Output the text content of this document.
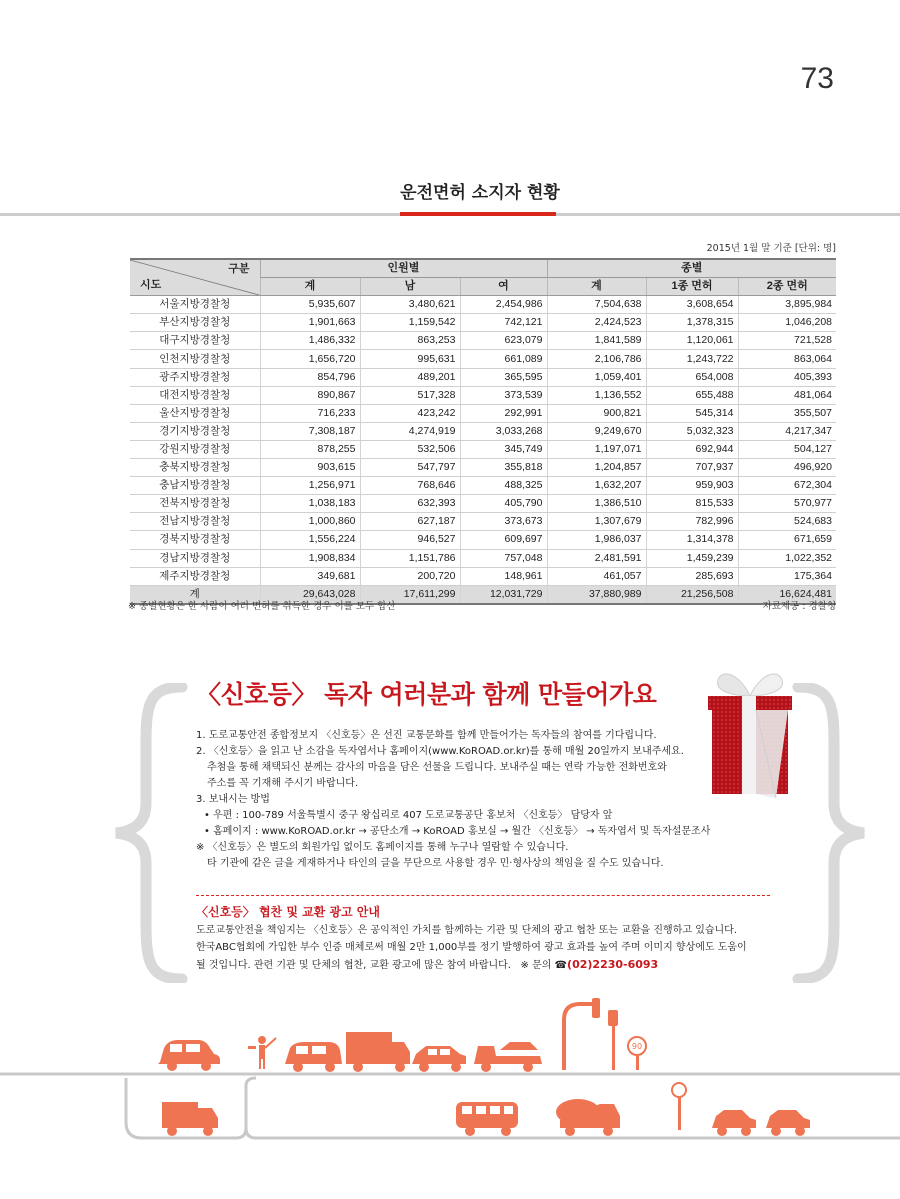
73
운전면허 소지자 현황
2015년 1월 말 기준 [단위: 명]
구분
시도	인원별			종별		
	계	남	여	계	1종 면허	2종 면허
서울지방경찰청	5,935,607	3,480,621	2,454,986	7,504,638	3,608,654	3,895,984
부산지방경찰청	1,901,663	1,159,542	742,121	2,424,523	1,378,315	1,046,208
대구지방경찰청	1,486,332	863,253	623,079	1,841,589	1,120,061	721,528
인천지방경찰청	1,656,720	995,631	661,089	2,106,786	1,243,722	863,064
광주지방경찰청	854,796	489,201	365,595	1,059,401	654,008	405,393
대전지방경찰청	890,867	517,328	373,539	1,136,552	655,488	481,064
울산지방경찰청	716,233	423,242	292,991	900,821	545,314	355,507
경기지방경찰청	7,308,187	4,274,919	3,033,268	9,249,670	5,032,323	4,217,347
강원지방경찰청	878,255	532,506	345,749	1,197,071	692,944	504,127
충북지방경찰청	903,615	547,797	355,818	1,204,857	707,937	496,920
충남지방경찰청	1,256,971	768,646	488,325	1,632,207	959,903	672,304
전북지방경찰청	1,038,183	632,393	405,790	1,386,510	815,533	570,977
전남지방경찰청	1,000,860	627,187	373,673	1,307,679	782,996	524,683
경북지방경찰청	1,556,224	946,527	609,697	1,986,037	1,314,378	671,659
경남지방경찰청	1,908,834	1,151,786	757,048	2,481,591	1,459,239	1,022,352
제주지방경찰청	349,681	200,720	148,961	461,057	285,693	175,364
계	29,643,028	17,611,299	12,031,729	37,880,989	21,256,508	16,624,481
※ 종별현황은 한 사람이 여러 면허를 취득한 경우 이를 모두 합산	자료제공 : 경찰청
〈신호등〉 독자 여러분과 함께 만들어가요

1. 도로교통안전 종합정보지 〈신호등〉은 선진 교통문화를 함께 만들어가는 독자들의 참여를 기다립니다.

2. 〈신호등〉을 읽고 난 소감을 독자엽서나 홈페이지(www.KoROAD.or.kr)를 통해 매월 20일까지 보내주세요.

추첨을 통해 채택되신 분께는 감사의 마음을 담은 선물을 드립니다. 보내주실 때는 연락 가능한 전화번호와

주소를 꼭 기재해 주시기 바랍니다.

3. 보내시는 방법

• 우편 : 100-789 서울특별시 중구 왕십리로 407 도로교통공단 홍보처 〈신호등〉 담당자 앞

• 홈페이지 : www.KoROAD.or.kr → 공단소개 → KoROAD 홍보실 → 월간 〈신호등〉 → 독자엽서 및 독자설문조사

※ 〈신호등〉은 별도의 회원가입 없이도 홈페이지를 통해 누구나 열람할 수 있습니다.

타 기관에 같은 글을 게재하거나 타인의 글을 무단으로 사용할 경우 민·형사상의 책임을 질 수도 있습니다.

〈신호등〉 협찬 및 교환 광고 안내

도로교통안전을 책임지는 〈신호등〉은 공익적인 가치를 함께하는 기관 및 단체의 광고 협찬 또는 교환을 진행하고 있습니다.

한국ABC협회에 가입한 부수 인증 매체로써 매월 2만 1,000부를 정기 발행하여 광고 효과를 높여 주며 이미지 향상에도 도움이

될 것입니다. 관련 기관 및 단체의 협찬, 교환 광고에 많은 참여 바랍니다. ※ 문의 ☎(02)2230-6093

90
